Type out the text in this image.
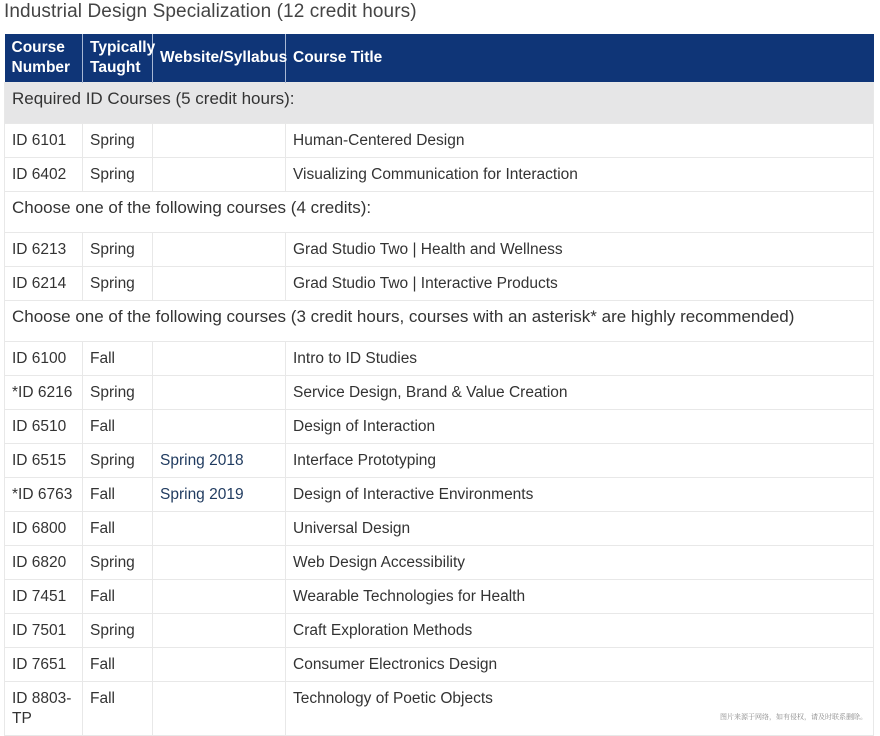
Industrial Design Specialization (12 credit hours)
Course Number	Typically Taught	Website/Syllabus	Course Title
Required ID Courses (5 credit hours):			
ID 6101	Spring		Human-Centered Design
ID 6402	Spring		Visualizing Communication for Interaction
Choose one of the following courses (4 credits):			
ID 6213	Spring		Grad Studio Two | Health and Wellness
ID 6214	Spring		Grad Studio Two | Interactive Products
Choose one of the following courses (3 credit hours, courses with an asterisk* are highly recommended)			
ID 6100	Fall		Intro to ID Studies
*ID 6216	Spring		Service Design, Brand & Value Creation
ID 6510	Fall		Design of Interaction
ID 6515	Spring	Spring 2018	Interface Prototyping
*ID 6763	Fall	Spring 2019	Design of Interactive Environments
ID 6800	Fall		Universal Design
ID 6820	Spring		Web Design Accessibility
ID 7451	Fall		Wearable Technologies for Health
ID 7501	Spring		Craft Exploration Methods
ID 7651	Fall		Consumer Electronics Design
ID 8803-TP	Fall		Technology of Poetic Objects
图片来源于网络，如有侵权，请及时联系删除。
